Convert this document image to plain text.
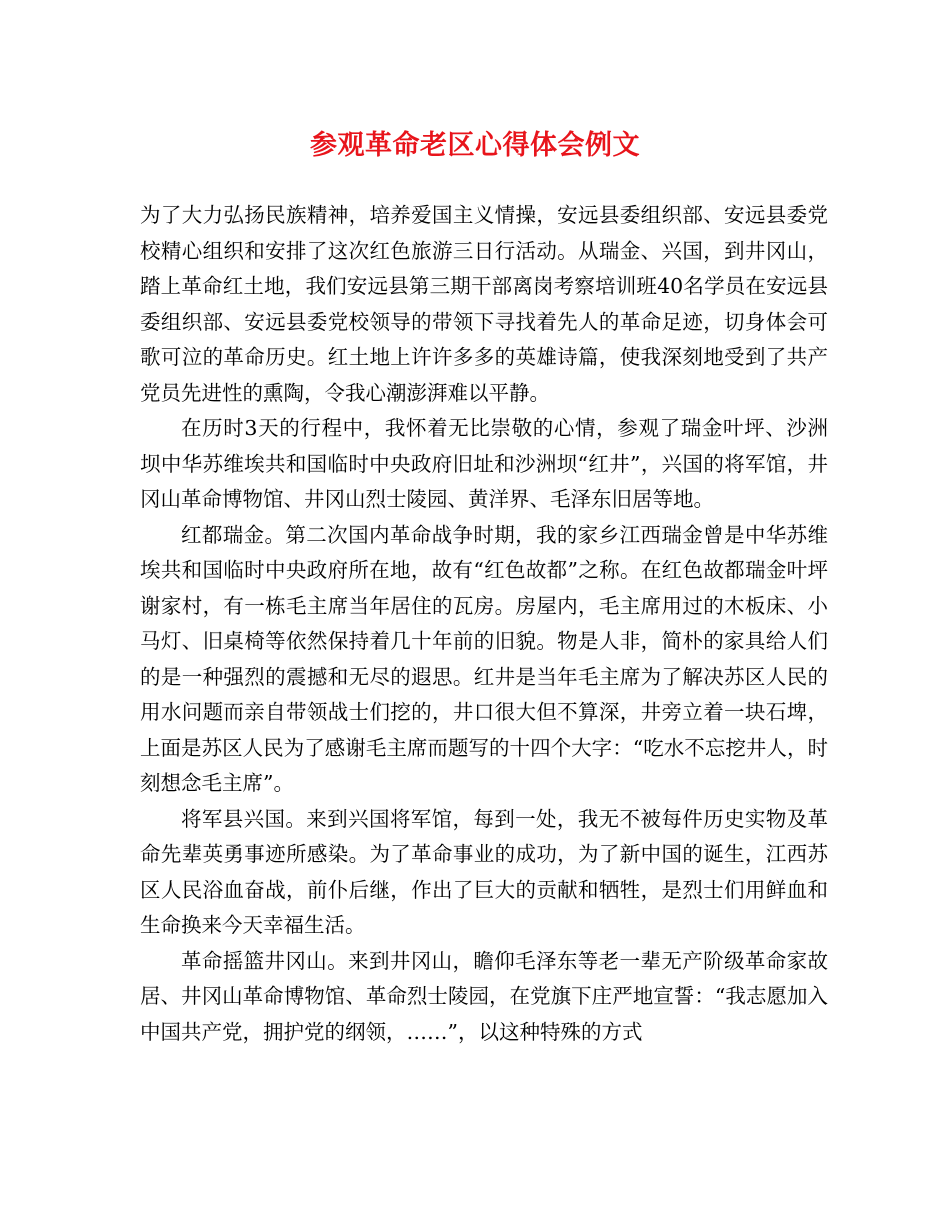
参观革命老区心得体会例文

为了大力弘扬民族精神，培养爱国主义情操，安远县委组织部、安远县委党校精心组织和安排了这次红色旅游三日行活动。从瑞金、兴国，到井冈山，踏上革命红土地，我们安远县第三期干部离岗考察培训班40名学员在安远县委组织部、安远县委党校领导的带领下寻找着先人的革命足迹，切身体会可歌可泣的革命历史。红土地上许许多多的英雄诗篇，使我深刻地受到了共产党员先进性的熏陶，令我心潮澎湃难以平静。

在历时3天的行程中，我怀着无比崇敬的心情，参观了瑞金叶坪、沙洲坝中华苏维埃共和国临时中央政府旧址和沙洲坝“红井”，兴国的将军馆，井冈山革命博物馆、井冈山烈士陵园、黄洋界、毛泽东旧居等地。

红都瑞金。第二次国内革命战争时期，我的家乡江西瑞金曾是中华苏维埃共和国临时中央政府所在地，故有“红色故都”之称。在红色故都瑞金叶坪谢家村，有一栋毛主席当年居住的瓦房。房屋内，毛主席用过的木板床、小马灯、旧桌椅等依然保持着几十年前的旧貌。物是人非，简朴的家具给人们的是一种强烈的震撼和无尽的遐思。红井是当年毛主席为了解决苏区人民的用水问题而亲自带领战士们挖的，井口很大但不算深，井旁立着一块石埤，上面是苏区人民为了感谢毛主席而题写的十四个大字：“吃水不忘挖井人，时刻想念毛主席”。

将军县兴国。来到兴国将军馆，每到一处，我无不被每件历史实物及革命先辈英勇事迹所感染。为了革命事业的成功，为了新中国的诞生，江西苏区人民浴血奋战，前仆后继，作出了巨大的贡献和牺牲，是烈士们用鲜血和生命换来今天幸福生活。

革命摇篮井冈山。来到井冈山，瞻仰毛泽东等老一辈无产阶级革命家故居、井冈山革命博物馆、革命烈士陵园，在党旗下庄严地宣誓：“我志愿加入中国共产党，拥护党的纲领，……”，以这种特殊的方式
